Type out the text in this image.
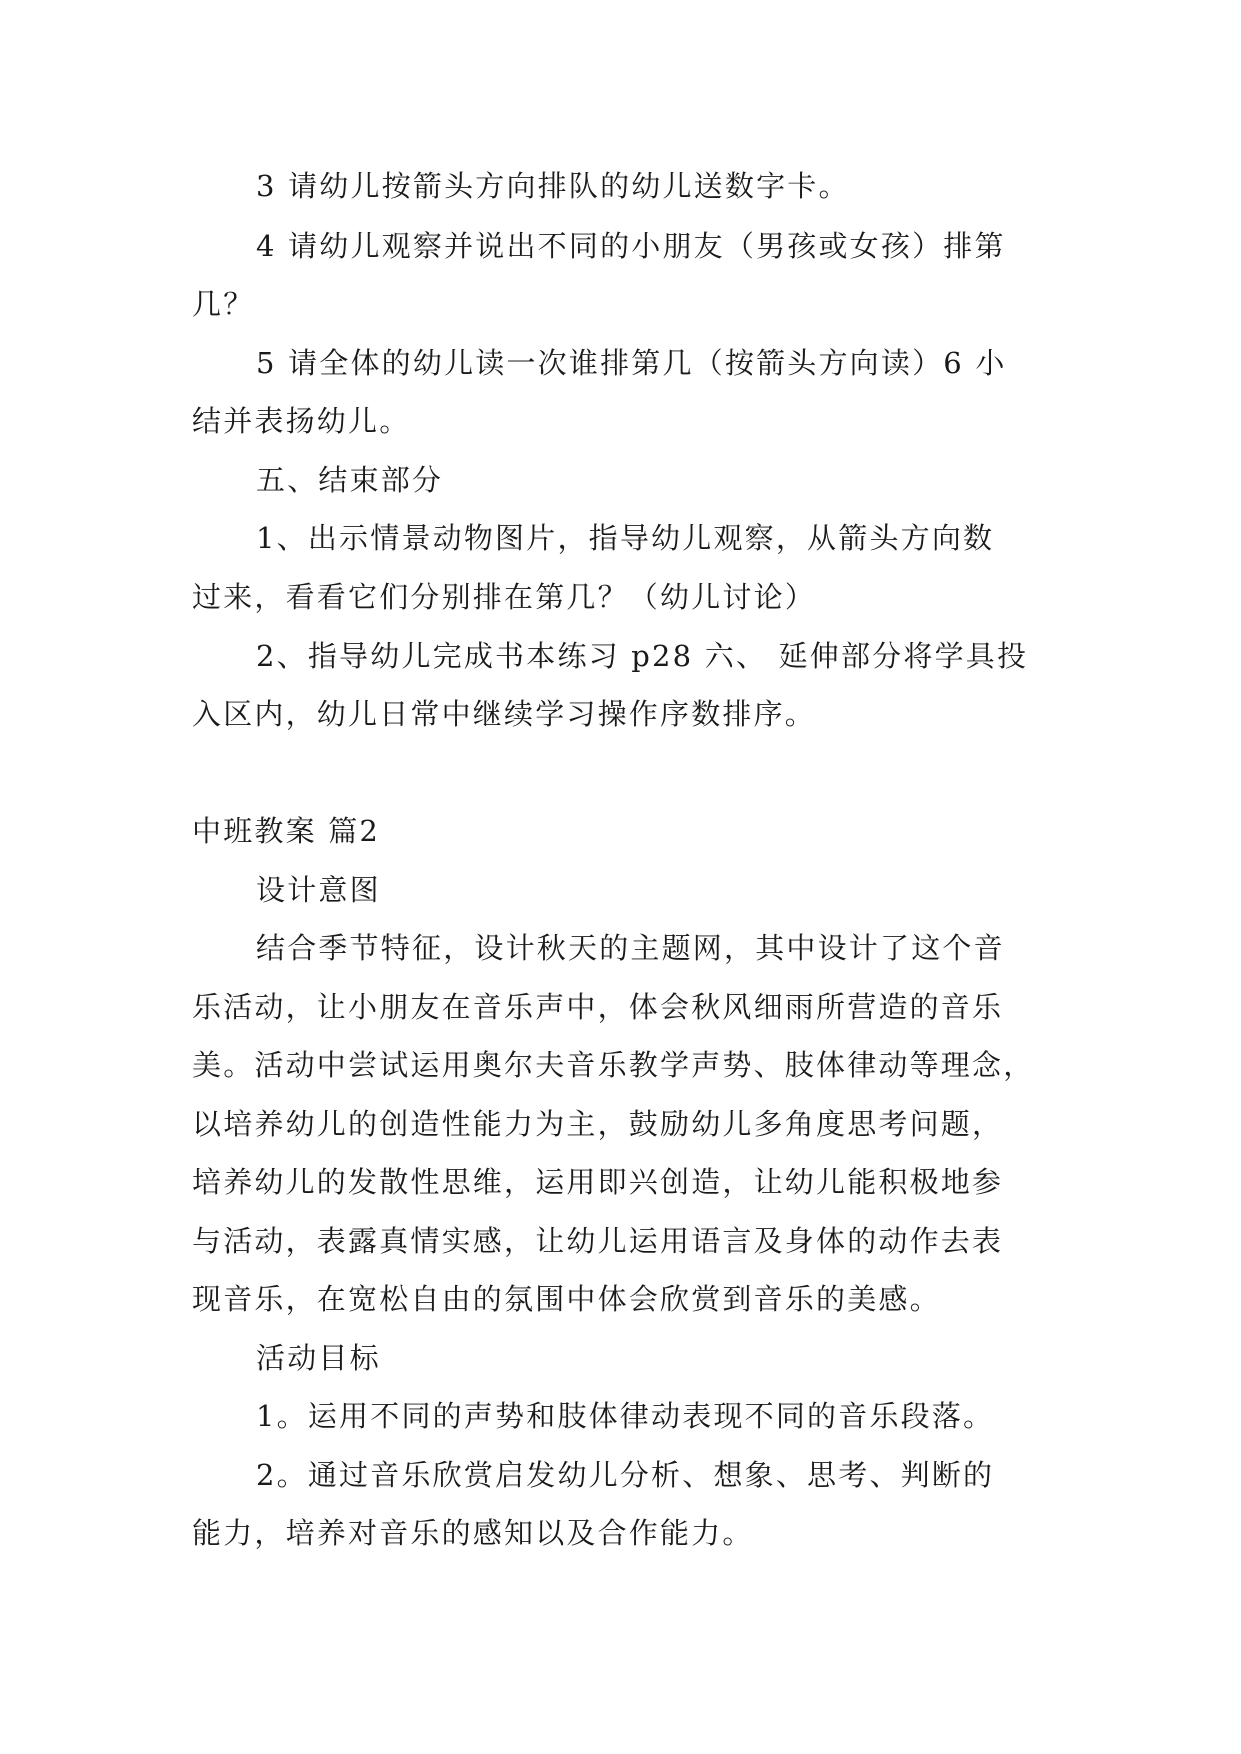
3 请幼儿按箭头方向排队的幼儿送数字卡。

4 请幼儿观察并说出不同的小朋友（男孩或女孩）排第

几？

5 请全体的幼儿读一次谁排第几（按箭头方向读）6 小

结并表扬幼儿。

五、结束部分

1、出示情景动物图片，指导幼儿观察，从箭头方向数

过来，看看它们分别排在第几？（幼儿讨论）

2、指导幼儿完成书本练习 p28 六、 延伸部分将学具投

入区内，幼儿日常中继续学习操作序数排序。

中班教案 篇2

设计意图

结合季节特征，设计秋天的主题网，其中设计了这个音

乐活动，让小朋友在音乐声中，体会秋风细雨所营造的音乐

美。活动中尝试运用奥尔夫音乐教学声势、肢体律动等理念，

以培养幼儿的创造性能力为主，鼓励幼儿多角度思考问题，

培养幼儿的发散性思维，运用即兴创造，让幼儿能积极地参

与活动，表露真情实感，让幼儿运用语言及身体的动作去表

现音乐，在宽松自由的氛围中体会欣赏到音乐的美感。

活动目标

1。运用不同的声势和肢体律动表现不同的音乐段落。

2。通过音乐欣赏启发幼儿分析、想象、思考、判断的

能力，培养对音乐的感知以及合作能力。
